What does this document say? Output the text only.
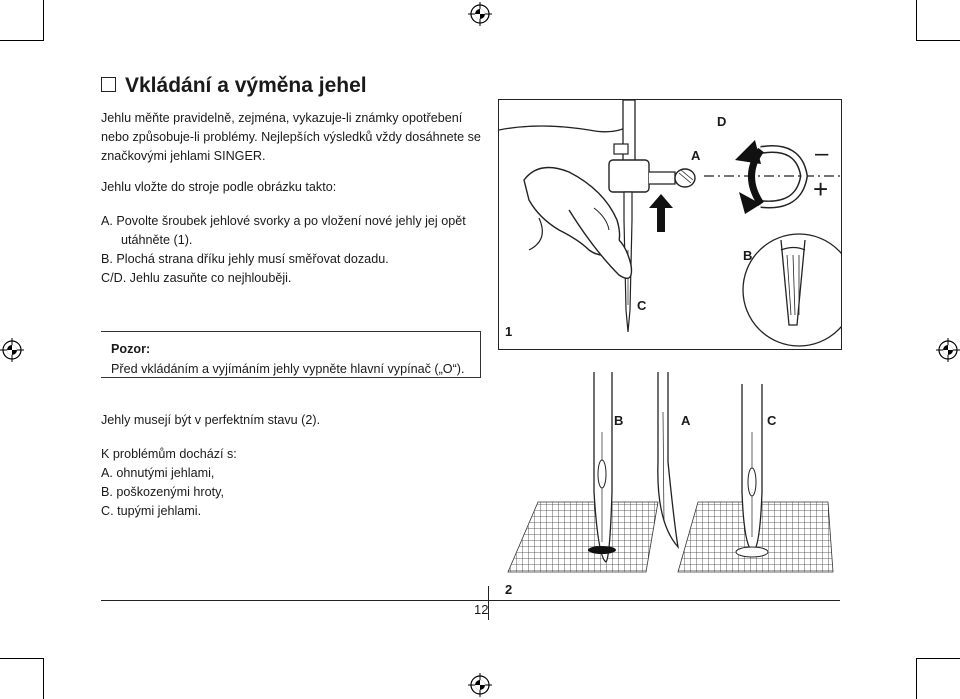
Vkládání a výměna jehel
Jehlu měňte pravidelně, zejména, vykazuje-li známky opotřebení
nebo způsobuje-li problémy. Nejlepších výsledků vždy dosáhnete se
značkovými jehlami SINGER.
Jehlu vložte do stroje podle obrázku takto:
A. Povolte šroubek jehlové svorky a po vložení nové jehly jej opět
utáhněte (1).
B. Plochá strana dříku jehly musí směřovat dozadu.
C/D. Jehlu zasuňte co nejhlouběji.
Pozor:
Před vkládáním a vyjímáním jehly vypněte hlavní vypínač („O“).
Jehly musejí být v perfektním stavu (2).
K problémům dochází s:
A. ohnutými jehlami,
B. poškozenými hroty,
C. tupými jehlami.
D
A	–
+
B
C
1
B	A	C
2
12
